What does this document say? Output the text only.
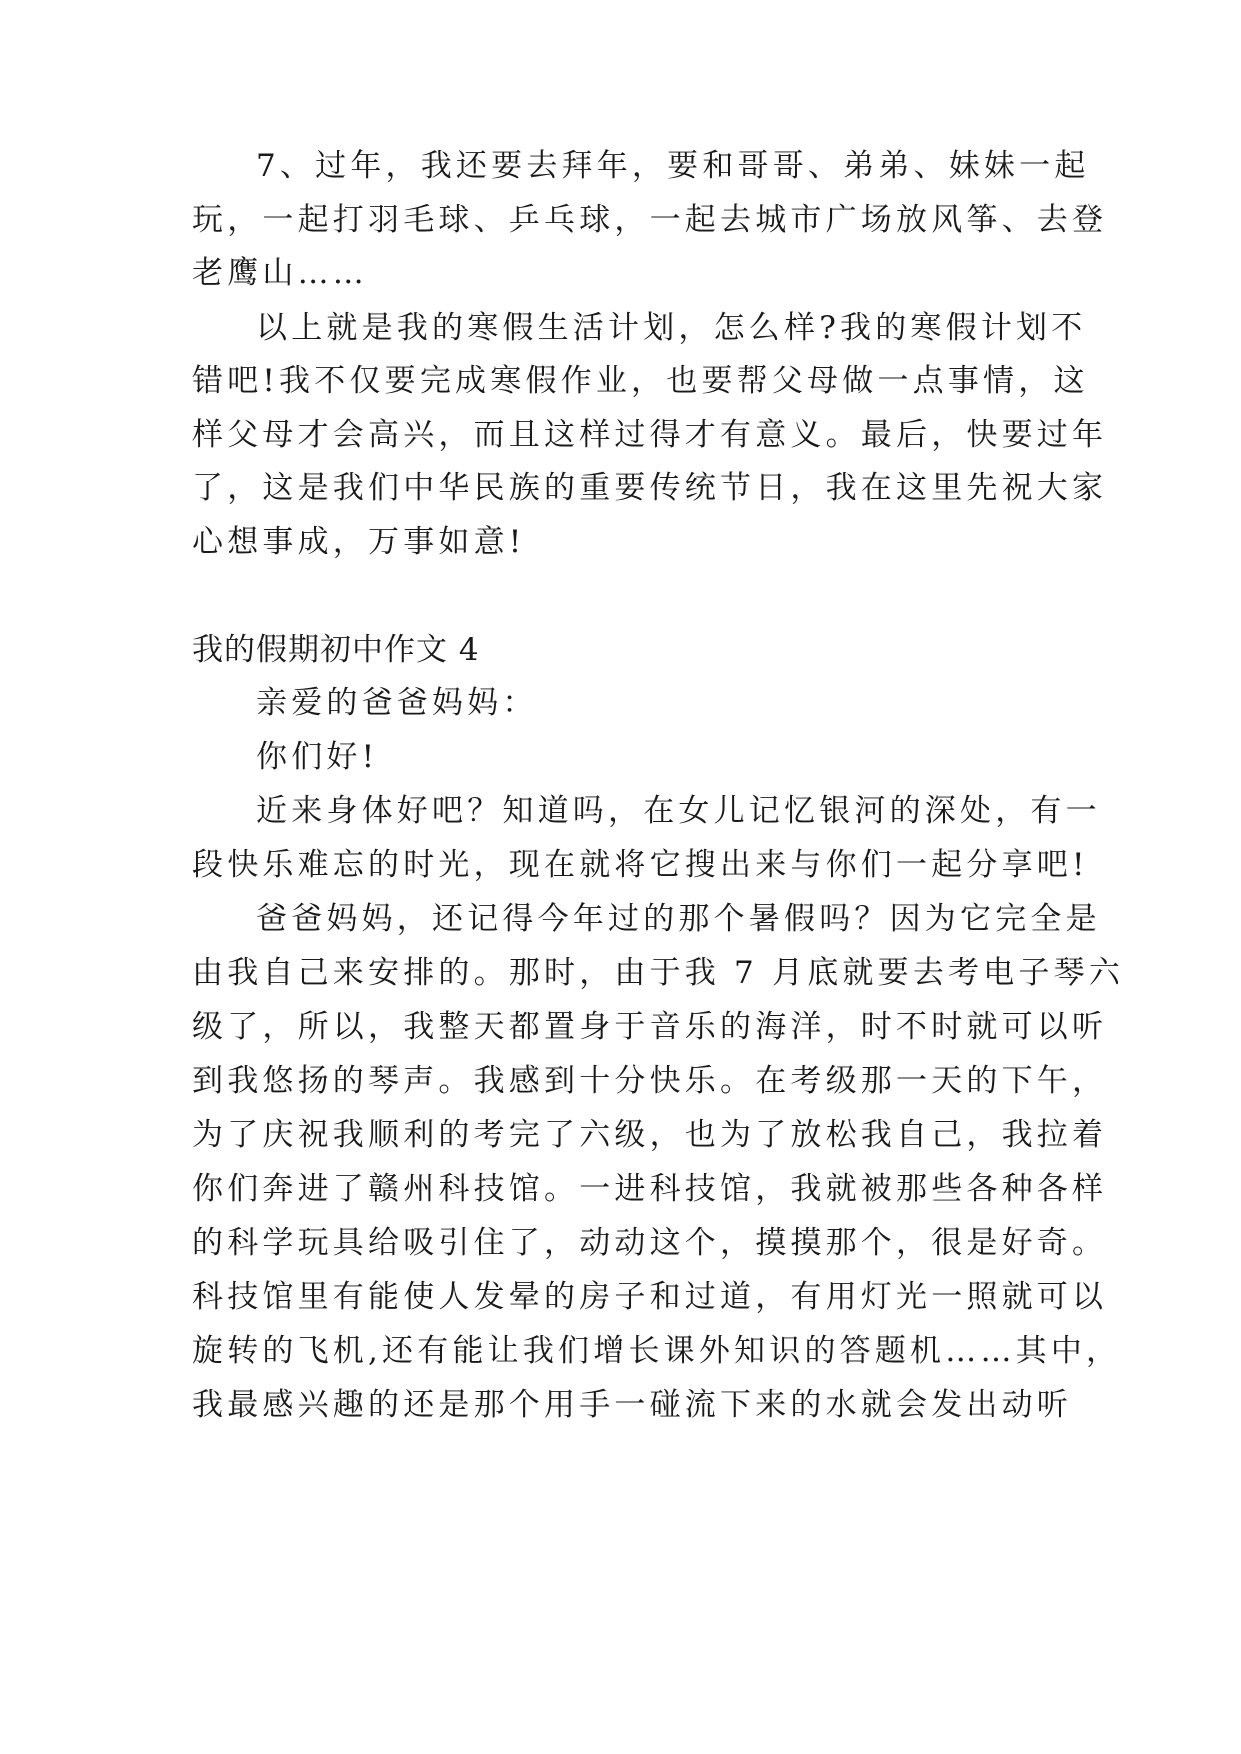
7、过年，我还要去拜年，要和哥哥、弟弟、妹妹一起
玩，一起打羽毛球、乒乓球，一起去城市广场放风筝、去登
老鹰山……
以上就是我的寒假生活计划，怎么样?我的寒假计划不
错吧!我不仅要完成寒假作业，也要帮父母做一点事情，这
样父母才会高兴，而且这样过得才有意义。最后，快要过年
了，这是我们中华民族的重要传统节日，我在这里先祝大家
心想事成，万事如意!
我的假期初中作文 4
亲爱的爸爸妈妈：
你们好!
近来身体好吧？知道吗，在女儿记忆银河的深处，有一
段快乐难忘的时光，现在就将它搜出来与你们一起分享吧!
爸爸妈妈，还记得今年过的那个暑假吗？因为它完全是
由我自己来安排的。那时，由于我 7 月底就要去考电子琴六
级了，所以，我整天都置身于音乐的海洋，时不时就可以听
到我悠扬的琴声。我感到十分快乐。在考级那一天的下午，
为了庆祝我顺利的考完了六级，也为了放松我自己，我拉着
你们奔进了赣州科技馆。一进科技馆，我就被那些各种各样
的科学玩具给吸引住了，动动这个，摸摸那个，很是好奇。
科技馆里有能使人发晕的房子和过道，有用灯光一照就可以
旋转的飞机,还有能让我们增长课外知识的答题机……其中，
我最感兴趣的还是那个用手一碰流下来的水就会发出动听
